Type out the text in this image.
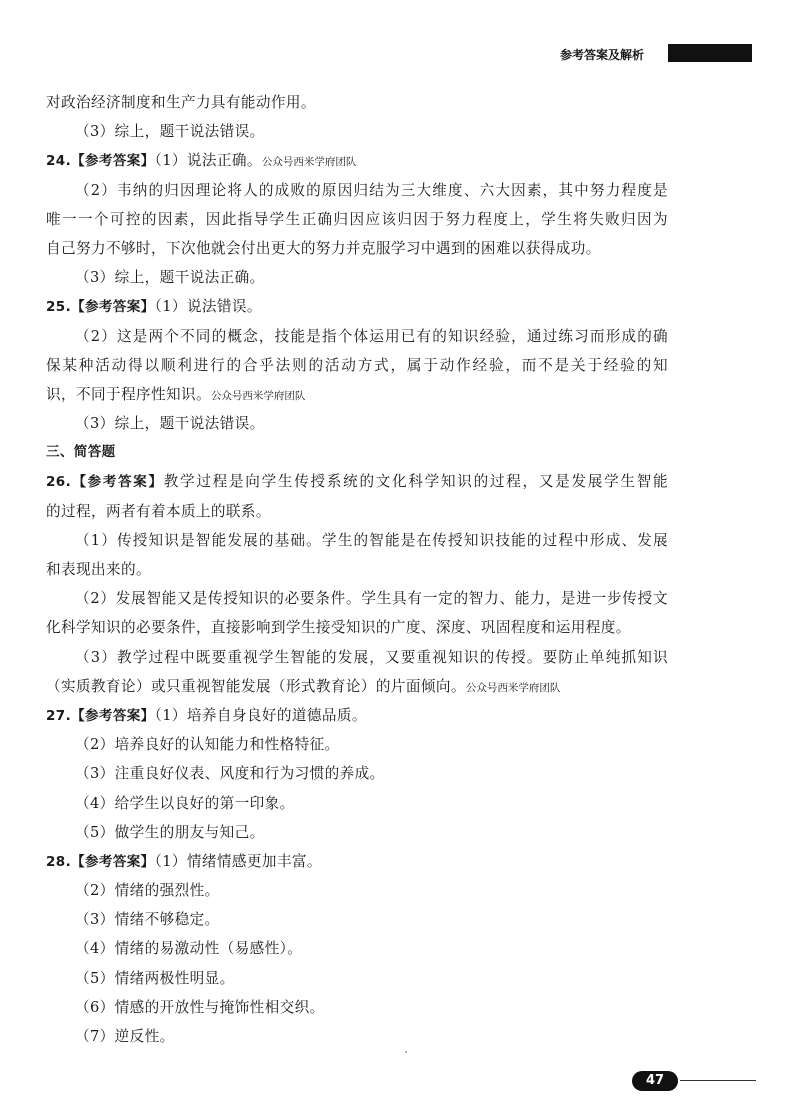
参考答案及解析
对政治经济制度和生产力具有能动作用。
（3）综上，题干说法错误。
24.【参考答案】（1）说法正确。公众号西米学府团队
（2）韦纳的归因理论将人的成败的原因归结为三大维度、六大因素，其中努力程度是
唯一一个可控的因素，因此指导学生正确归因应该归因于努力程度上，学生将失败归因为
自己努力不够时，下次他就会付出更大的努力并克服学习中遇到的困难以获得成功。
（3）综上，题干说法正确。
25.【参考答案】（1）说法错误。
（2）这是两个不同的概念，技能是指个体运用已有的知识经验，通过练习而形成的确
保某种活动得以顺利进行的合乎法则的活动方式，属于动作经验，而不是关于经验的知
识，不同于程序性知识。公众号西米学府团队
（3）综上，题干说法错误。
三、简答题
26.【参考答案】教学过程是向学生传授系统的文化科学知识的过程，又是发展学生智能
的过程，两者有着本质上的联系。
（1）传授知识是智能发展的基础。学生的智能是在传授知识技能的过程中形成、发展
和表现出来的。
（2）发展智能又是传授知识的必要条件。学生具有一定的智力、能力，是进一步传授文
化科学知识的必要条件，直接影响到学生接受知识的广度、深度、巩固程度和运用程度。
（3）教学过程中既要重视学生智能的发展，又要重视知识的传授。要防止单纯抓知识
（实质教育论）或只重视智能发展（形式教育论）的片面倾向。公众号西米学府团队
27.【参考答案】（1）培养自身良好的道德品质。
（2）培养良好的认知能力和性格特征。
（3）注重良好仪表、风度和行为习惯的养成。
（4）给学生以良好的第一印象。
（5）做学生的朋友与知己。
28.【参考答案】（1）情绪情感更加丰富。
（2）情绪的强烈性。
（3）情绪不够稳定。
（4）情绪的易激动性（易感性）。
（5）情绪两极性明显。
（6）情感的开放性与掩饰性相交织。
（7）逆反性。
47
